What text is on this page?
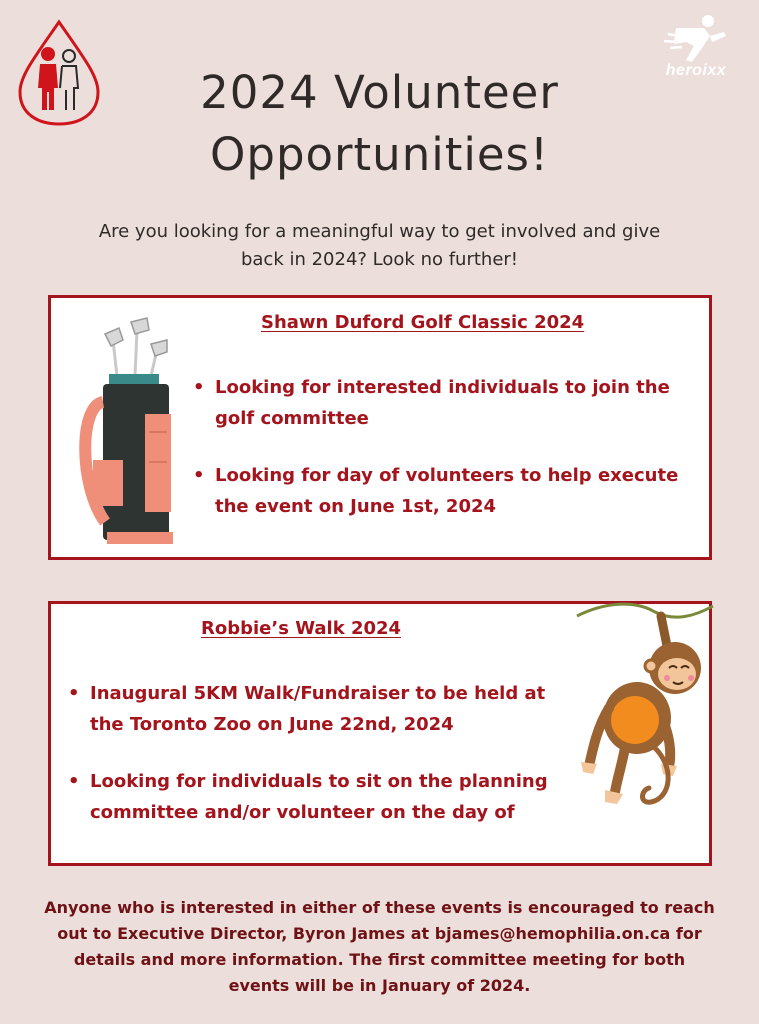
heroixx
2024 Volunteer
Opportunities!

Are you looking for a meaningful way to get involved and give
back in 2024? Look no further!

Shawn Duford Golf Classic 2024
• Looking for interested individuals to join the golf committee
• Looking for day of volunteers to help execute the event on June 1st, 2024
Robbie’s Walk 2024
• Inaugural 5KM Walk/Fundraiser to be held at the Toronto Zoo on June 22nd, 2024
• Looking for individuals to sit on the planning committee and/or volunteer on the day of

Anyone who is interested in either of these events is encouraged to reach
out to Executive Director, Byron James at bjames@hemophilia.on.ca for
details and more information. The first committee meeting for both
events will be in January of 2024.
